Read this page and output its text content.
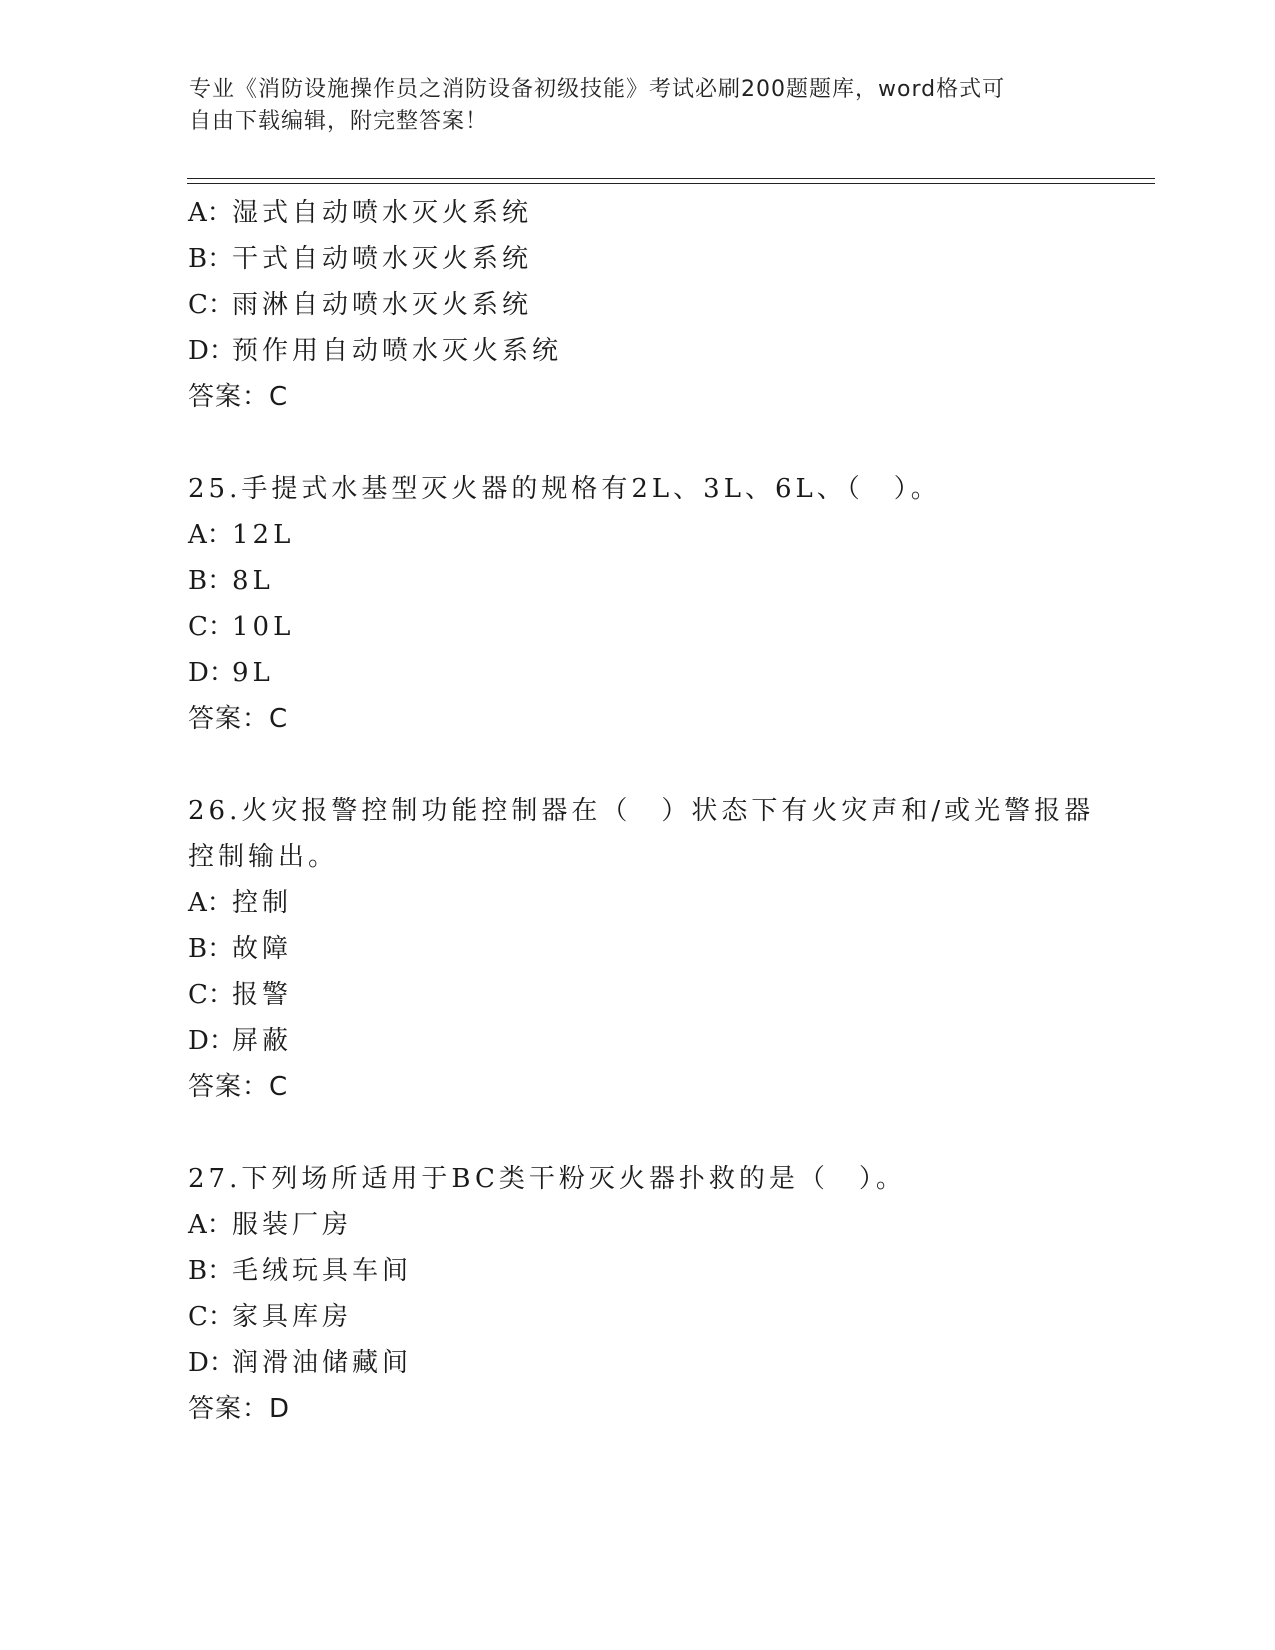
专业《消防设施操作员之消防设备初级技能》考试必刷200题题库，word格式可
自由下载编辑，附完整答案！
A：湿式自动喷水灭火系统
B：干式自动喷水灭火系统
C：雨淋自动喷水灭火系统
D：预作用自动喷水灭火系统
答案：C
25.手提式水基型灭火器的规格有2L、3L、6L、（　）。
A：12L
B：8L
C：10L
D：9L
答案：C
26.火灾报警控制功能控制器在（　）状态下有火灾声和/或光警报器
控制输出。
A：控制
B：故障
C：报警
D：屏蔽
答案：C
27.下列场所适用于BC类干粉灭火器扑救的是（　）。
A：服装厂房
B：毛绒玩具车间
C：家具库房
D：润滑油储藏间
答案：D
